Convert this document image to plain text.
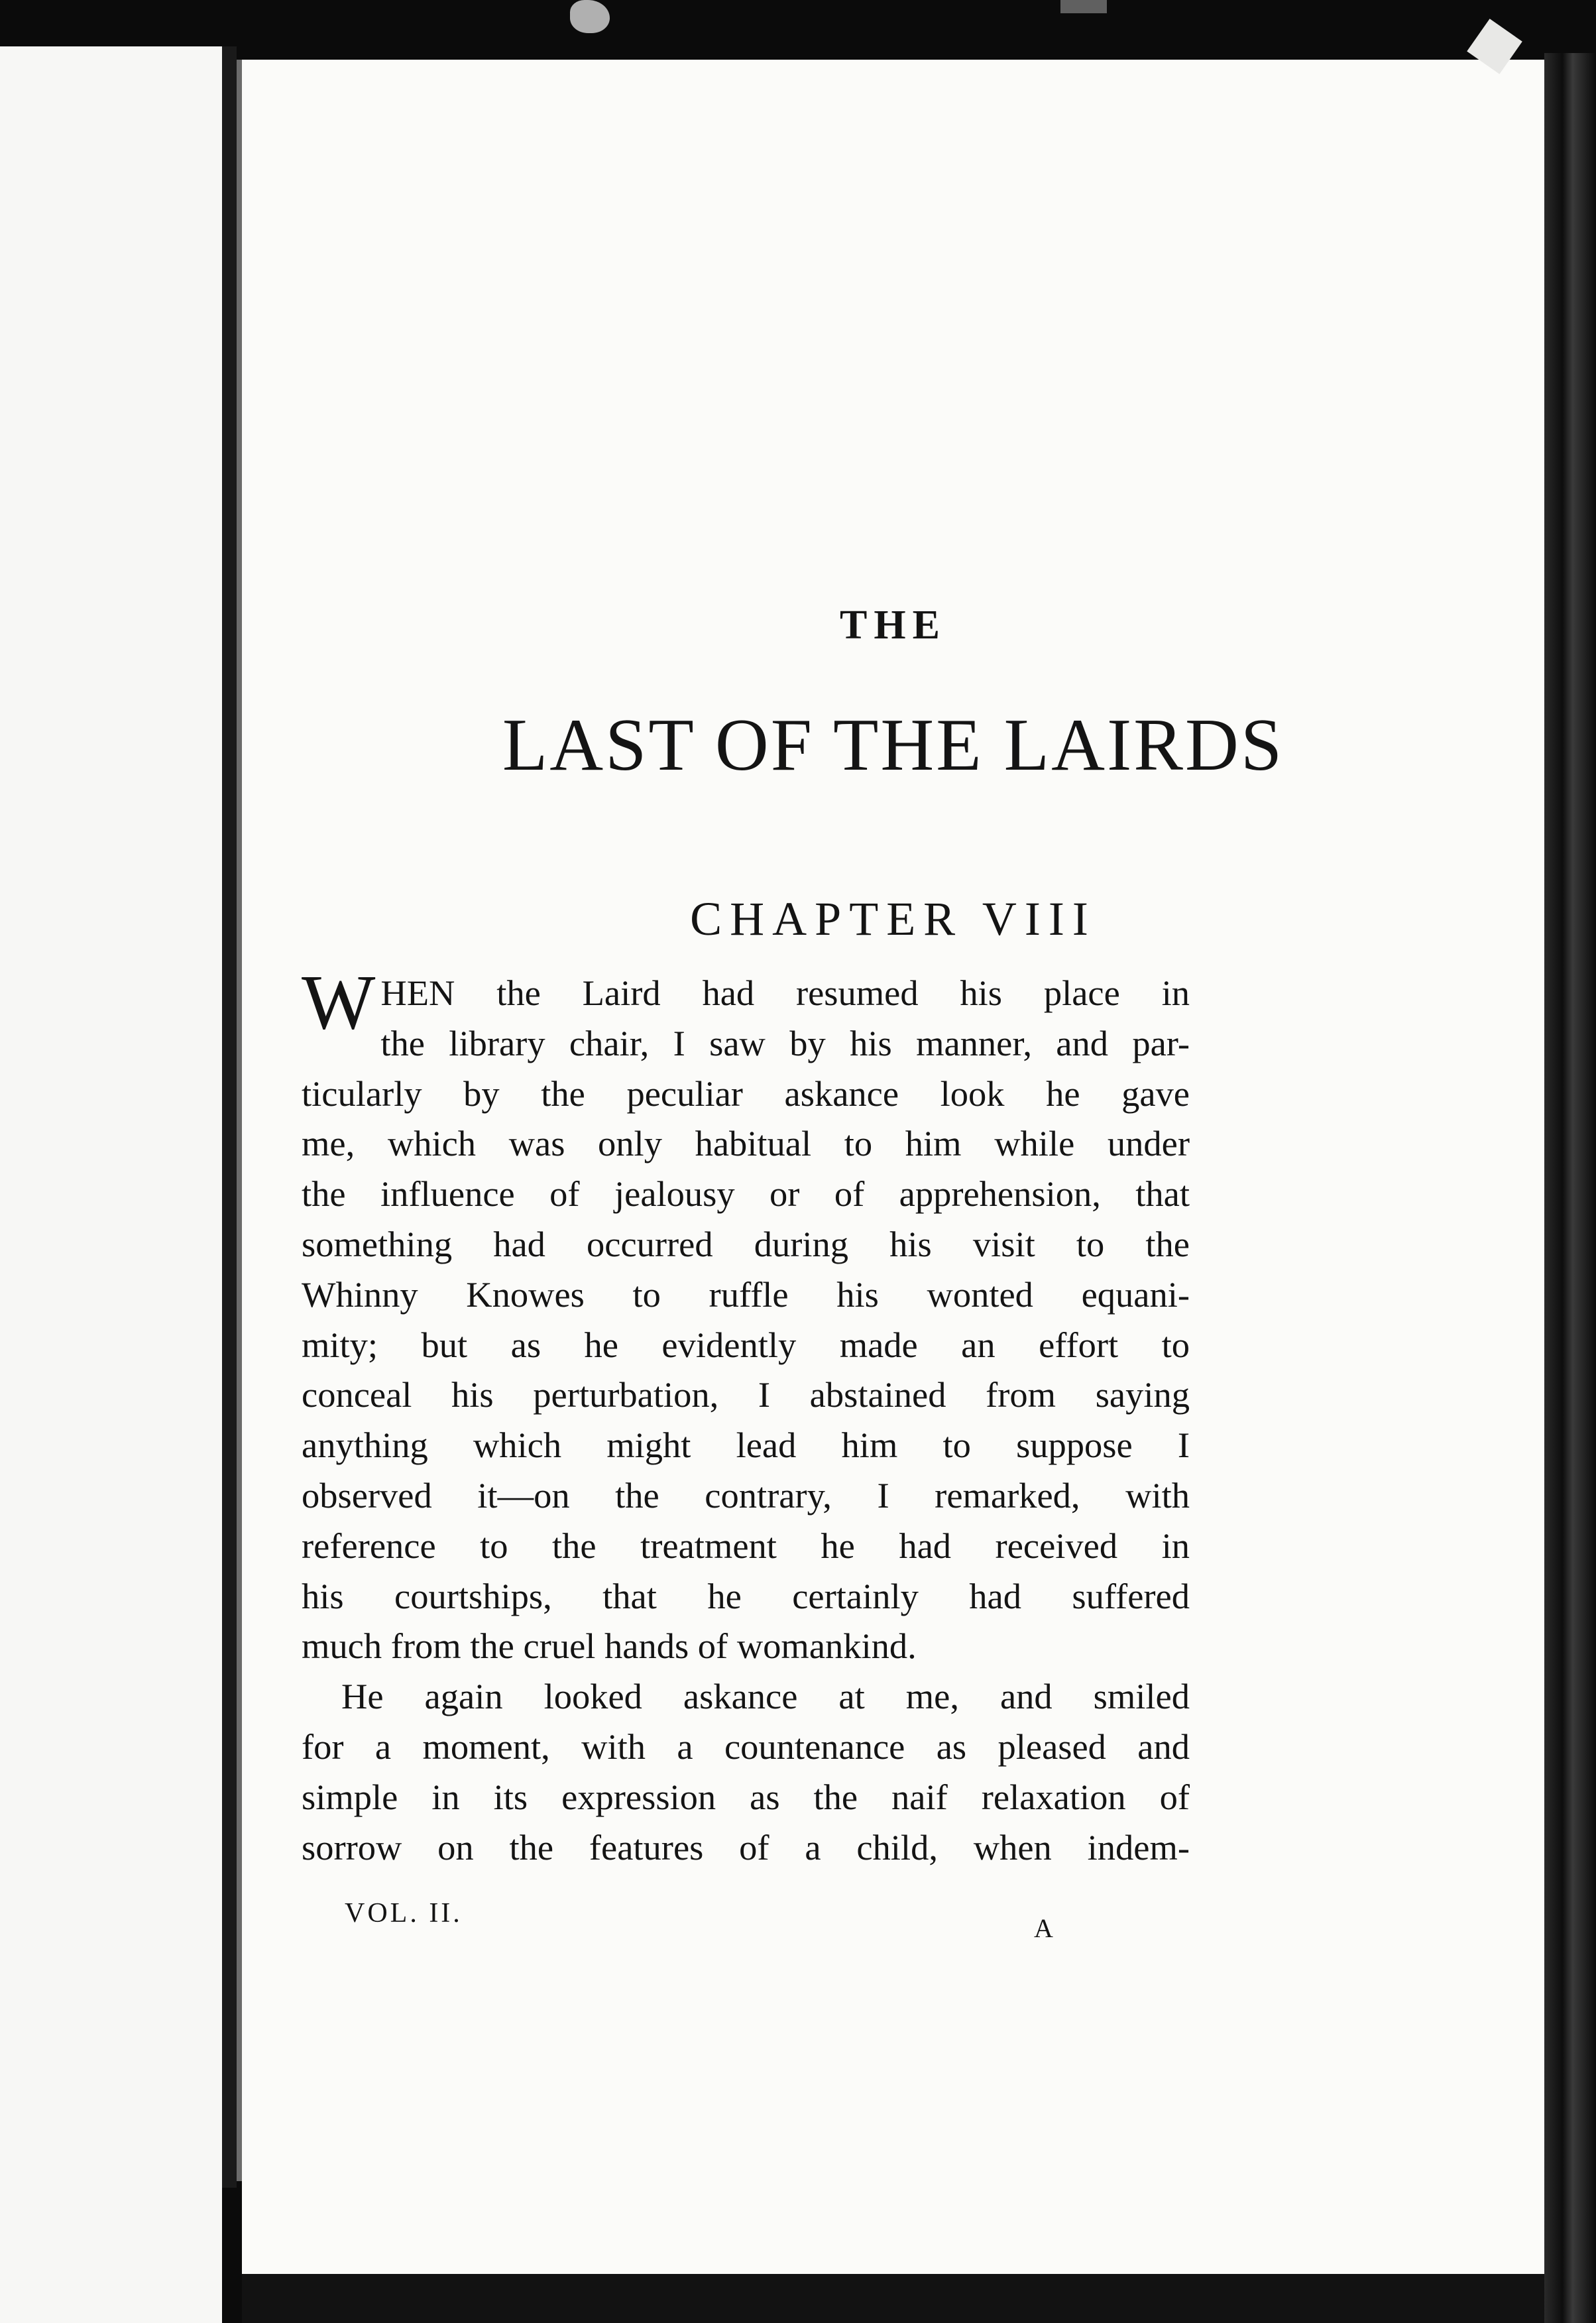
THE
LAST OF THE LAIRDS
CHAPTER VIII
WHEN the Laird had resumed his place in
the library chair, I saw by his manner, and par-
ticularly by the peculiar askance look he gave
me, which was only habitual to him while under
the influence of jealousy or of apprehension, that
something had occurred during his visit to the
Whinny Knowes to ruffle his wonted equani-
mity; but as he evidently made an effort to
conceal his perturbation, I abstained from saying
anything which might lead him to suppose I
observed it—on the contrary, I remarked, with
reference to the treatment he had received in
his courtships, that he certainly had suffered
much from the cruel hands of womankind.
He again looked askance at me, and smiled
for a moment, with a countenance as pleased and
simple in its expression as the naif relaxation of
sorrow on the features of a child, when indem-
VOL. II.	A
